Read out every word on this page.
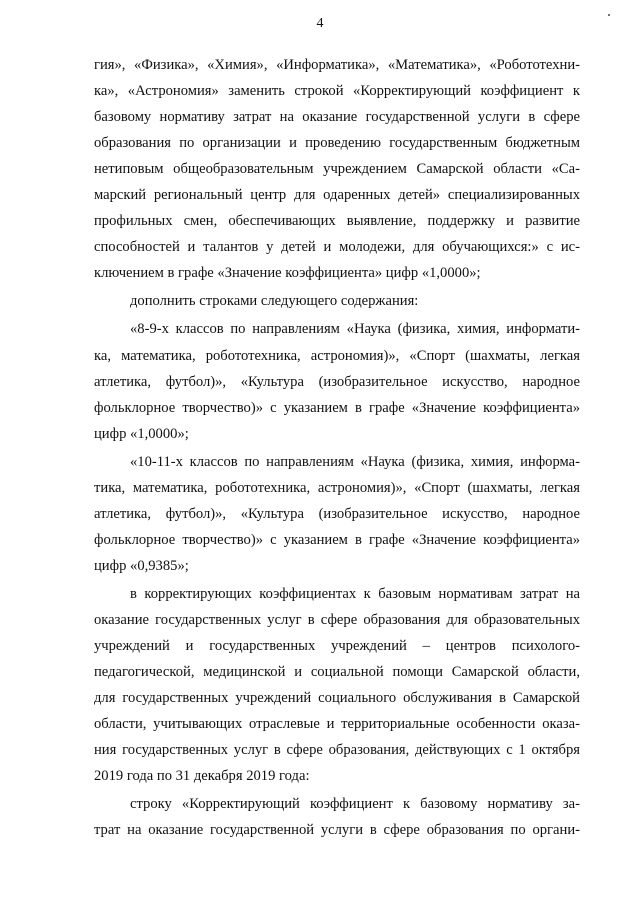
4
гия», «Физика», «Химия», «Информатика», «Математика», «Робототехни-
ка», «Астрономия» заменить строкой «Корректирующий коэффициент к
базовому нормативу затрат на оказание государственной услуги в сфере
образования по организации и проведению государственным бюджетным
нетиповым общеобразовательным учреждением Самарской области «Са-
марский региональный центр для одаренных детей» специализированных
профильных смен, обеспечивающих выявление, поддержку и развитие
способностей и талантов у детей и молодежи, для обучающихся:» с ис-
ключением в графе «Значение коэффициента» цифр «1,0000»;
дополнить строками следующего содержания:
«8-9-х классов по направлениям «Наука (физика, химия, информати-
ка, математика, робототехника, астрономия)», «Спорт (шахматы, легкая
атлетика, футбол)», «Культура (изобразительное искусство, народное
фольклорное творчество)» с указанием в графе «Значение коэффициента»
цифр «1,0000»;
«10-11-х классов по направлениям «Наука (физика, химия, информа-
тика, математика, робототехника, астрономия)», «Спорт (шахматы, легкая
атлетика, футбол)», «Культура (изобразительное искусство, народное
фольклорное творчество)» с указанием в графе «Значение коэффициента»
цифр «0,9385»;
в корректирующих коэффициентах к базовым нормативам затрат на
оказание государственных услуг в сфере образования для образовательных
учреждений и государственных учреждений – центров психолого-
педагогической, медицинской и социальной помощи Самарской области,
для государственных учреждений социального обслуживания в Самарской
области, учитывающих отраслевые и территориальные особенности оказа-
ния государственных услуг в сфере образования, действующих с 1 октября
2019 года по 31 декабря 2019 года:
строку «Корректирующий коэффициент к базовому нормативу за-
трат на оказание государственной услуги в сфере образования по органи-
